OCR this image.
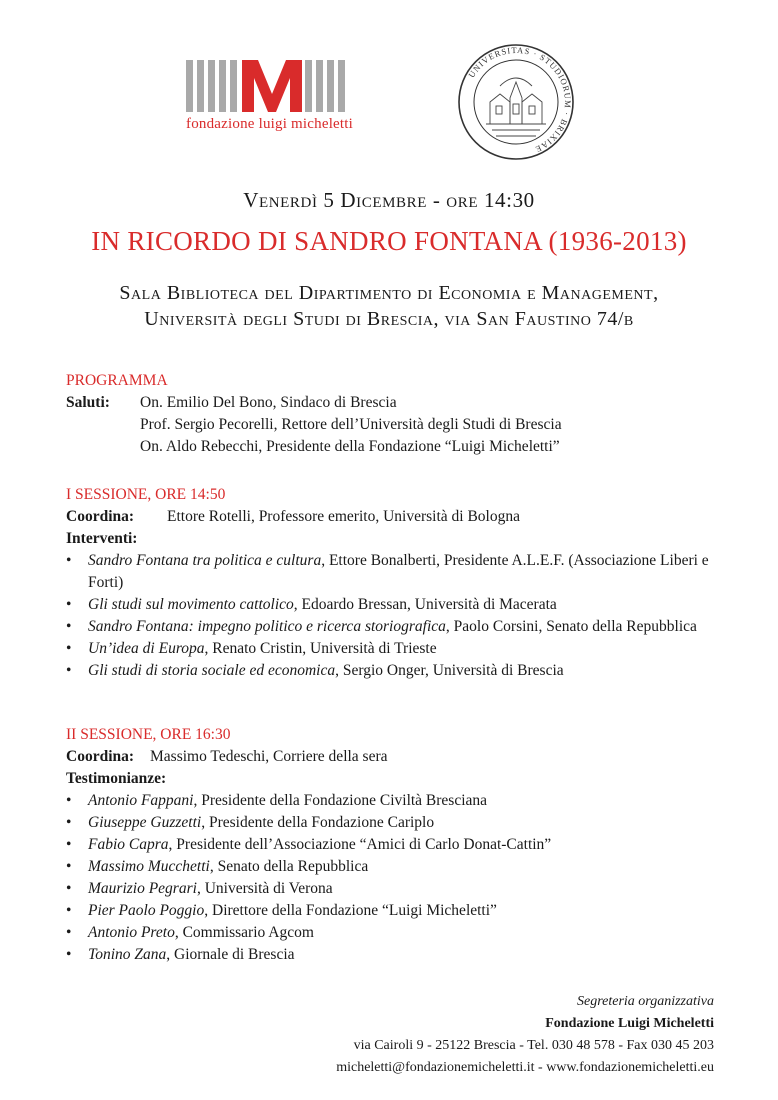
fondazione luigi micheletti
UNIVERSITAS · STUDIORUM · BRIXIAE
Venerdì 5 Dicembre - ore 14:30
IN RICORDO DI SANDRO FONTANA (1936-2013)
Sala Biblioteca del Dipartimento di Economia e Management,
Università degli Studi di Brescia, via San Faustino 74/b
PROGRAMMA
Saluti:	On. Emilio Del Bono, Sindaco di Brescia
Prof. Sergio Pecorelli, Rettore dell’Università degli Studi di Brescia
On. Aldo Rebecchi, Presidente della Fondazione “Luigi Micheletti”
I SESSIONE, ORE 14:50
Coordina:	Ettore Rotelli, Professore emerito, Università di Bologna
Interventi:
•	Sandro Fontana tra politica e cultura, Ettore Bonalberti, Presidente A.L.E.F. (Associazione Liberi e Forti)
•	Gli studi sul movimento cattolico, Edoardo Bressan, Università di Macerata
•	Sandro Fontana: impegno politico e ricerca storiografica, Paolo Corsini, Senato della Repubblica
•	Un’idea di Europa, Renato Cristin, Università di Trieste
•	Gli studi di storia sociale ed economica, Sergio Onger, Università di Brescia
II SESSIONE, ORE 16:30
Coordina:	Massimo Tedeschi, Corriere della sera
Testimonianze:
•	Antonio Fappani, Presidente della Fondazione Civiltà Bresciana
•	Giuseppe Guzzetti, Presidente della Fondazione Cariplo
•	Fabio Capra, Presidente dell’Associazione “Amici di Carlo Donat-Cattin”
•	Massimo Mucchetti, Senato della Repubblica
•	Maurizio Pegrari, Università di Verona
•	Pier Paolo Poggio, Direttore della Fondazione “Luigi Micheletti”
•	Antonio Preto, Commissario Agcom
•	Tonino Zana, Giornale di Brescia
Segreteria organizzativa
Fondazione Luigi Micheletti
via Cairoli 9 - 25122 Brescia - Tel. 030 48 578 - Fax 030 45 203
micheletti@fondazionemicheletti.it - www.fondazionemicheletti.eu
